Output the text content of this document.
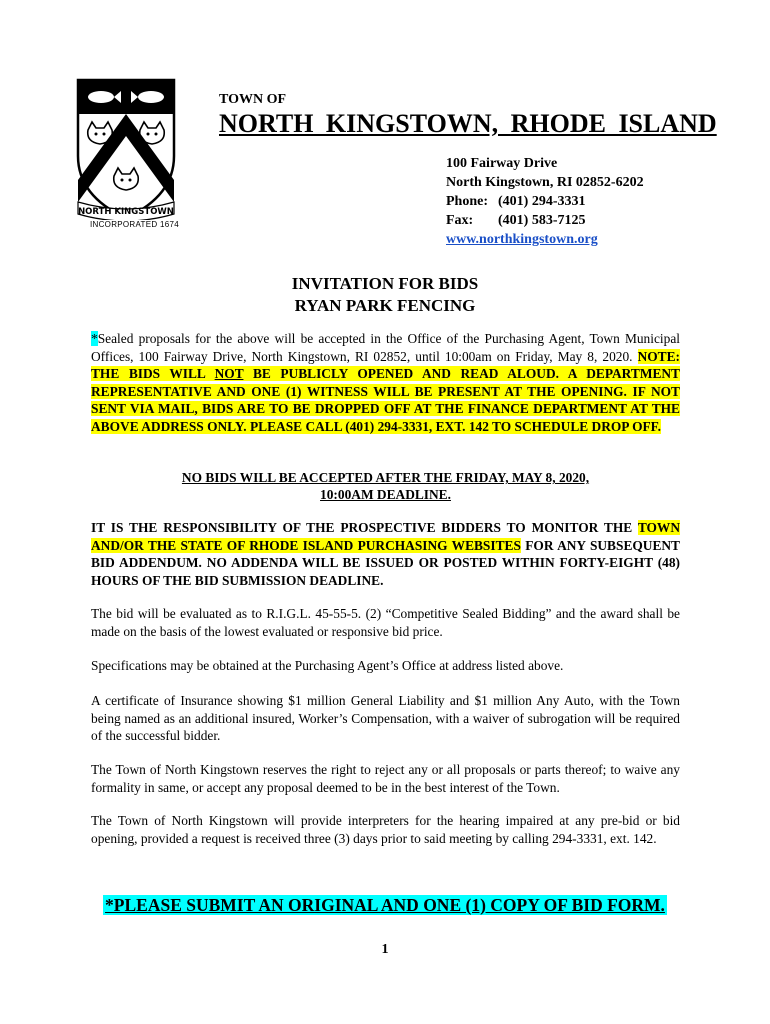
NORTH KINGSTOWN
INCORPORATED 1674
TOWN OF
NORTH KINGSTOWN, RHODE ISLAND
100 Fairway Drive
North Kingstown, RI 02852-6202
Phone: (401) 294-3331
Fax: (401) 583-7125
www.northkingstown.org
INVITATION FOR BIDS
RYAN PARK FENCING
*Sealed proposals for the above will be accepted in the Office of the Purchasing Agent, Town Municipal Offices, 100 Fairway Drive, North Kingstown, RI 02852, until 10:00am on Friday, May 8, 2020. NOTE: THE BIDS WILL NOT BE PUBLICLY OPENED AND READ ALOUD. A DEPARTMENT REPRESENTATIVE AND ONE (1) WITNESS WILL BE PRESENT AT THE OPENING. IF NOT SENT VIA MAIL, BIDS ARE TO BE DROPPED OFF AT THE FINANCE DEPARTMENT AT THE ABOVE ADDRESS ONLY. PLEASE CALL (401) 294-3331, EXT. 142 TO SCHEDULE DROP OFF.
NO BIDS WILL BE ACCEPTED AFTER THE FRIDAY, MAY 8, 2020,
10:00AM DEADLINE.
IT IS THE RESPONSIBILITY OF THE PROSPECTIVE BIDDERS TO MONITOR THE TOWN AND/OR THE STATE OF RHODE ISLAND PURCHASING WEBSITES FOR ANY SUBSEQUENT BID ADDENDUM. NO ADDENDA WILL BE ISSUED OR POSTED WITHIN FORTY-EIGHT (48) HOURS OF THE BID SUBMISSION DEADLINE.
The bid will be evaluated as to R.I.G.L. 45-55-5. (2) “Competitive Sealed Bidding” and the award shall be made on the basis of the lowest evaluated or responsive bid price.
Specifications may be obtained at the Purchasing Agent’s Office at address listed above.
A certificate of Insurance showing $1 million General Liability and $1 million Any Auto, with the Town being named as an additional insured, Worker’s Compensation, with a waiver of subrogation will be required of the successful bidder.
The Town of North Kingstown reserves the right to reject any or all proposals or parts thereof; to waive any formality in same, or accept any proposal deemed to be in the best interest of the Town.
The Town of North Kingstown will provide interpreters for the hearing impaired at any pre-bid or bid opening, provided a request is received three (3) days prior to said meeting by calling 294-3331, ext. 142.
*PLEASE SUBMIT AN ORIGINAL AND ONE (1) COPY OF BID FORM.
1
